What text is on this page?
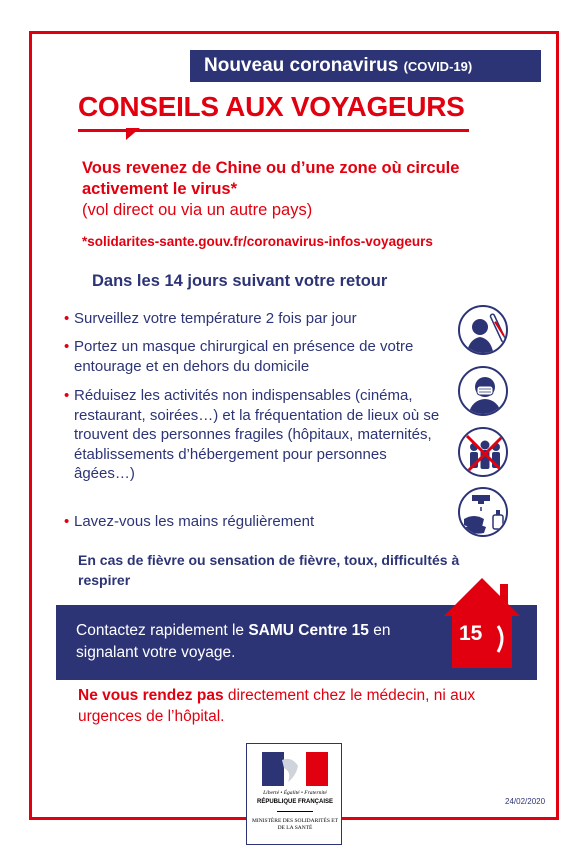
Nouveau coronavirus (COVID-19)
CONSEILS AUX VOYAGEURS
Vous revenez de Chine ou d’une zone où circule activement le virus*
(vol direct ou via un autre pays)
*solidarites-sante.gouv.fr/coronavirus-infos-voyageurs
Dans les 14 jours suivant votre retour
• Surveillez votre température 2 fois par jour
• Portez un masque chirurgical en présence de votre entourage et en dehors du domicile
• Réduisez les activités non indispensables (cinéma, restaurant, soirées…) et la fréquentation de lieux où se trouvent des personnes fragiles (hôpitaux, maternités, établissements d’hébergement pour personnes âgées…)
• Lavez-vous les mains régulièrement
En cas de fièvre ou sensation de fièvre, toux, difficultés à respirer
Contactez rapidement le SAMU Centre 15 en signalant votre voyage.
15
Ne vous rendez pas directement chez le médecin, ni aux urgences de l’hôpital.
Liberté • Égalité • Fraternité
RÉPUBLIQUE FRANÇAISE
MINISTÈRE DES SOLIDARITÉS ET DE LA SANTÉ
24/02/2020
